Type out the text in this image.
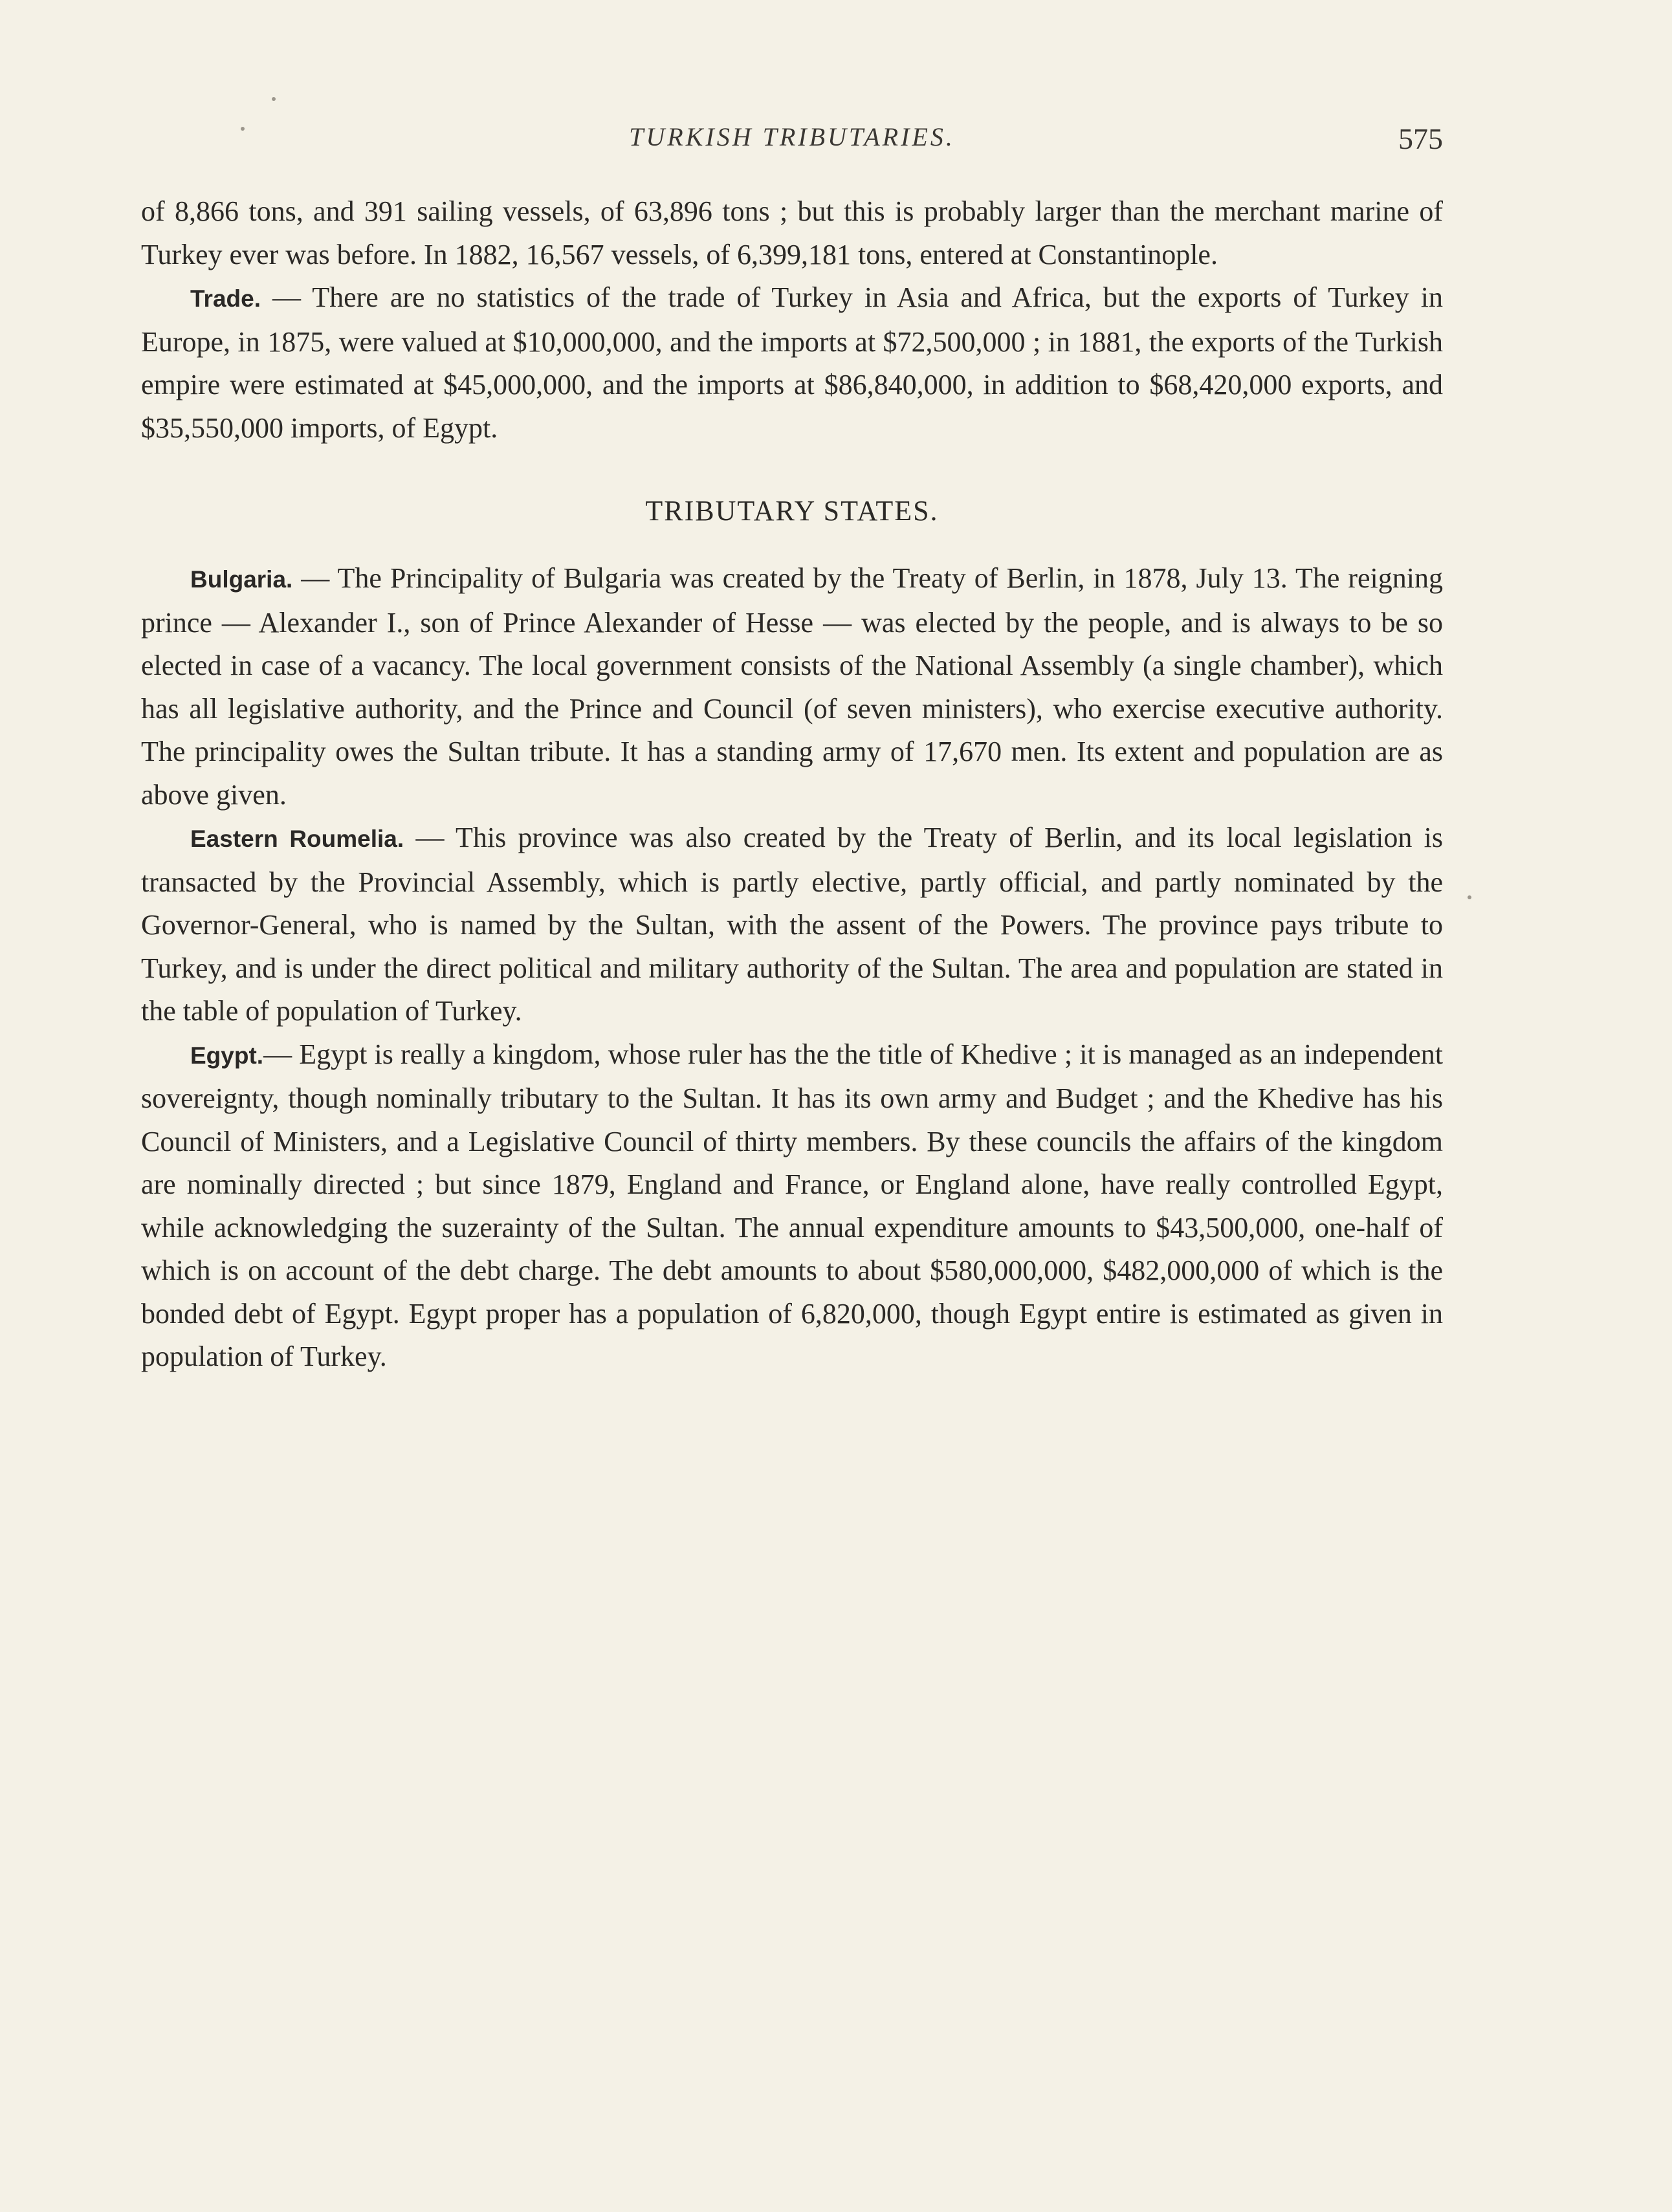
TURKISH TRIBUTARIES.	575

of 8,866 tons, and 391 sailing vessels, of 63,896 tons ; but this is probably larger than the merchant marine of Turkey ever was before. In 1882, 16,567 vessels, of 6,399,181 tons, entered at Constantinople.

Trade. — There are no statistics of the trade of Turkey in Asia and Africa, but the exports of Turkey in Europe, in 1875, were valued at $10,000,000, and the imports at $72,500,000 ; in 1881, the exports of the Turkish empire were estimated at $45,000,000, and the imports at $86,840,000, in addition to $68,420,000 exports, and $35,550,000 imports, of Egypt.

TRIBUTARY STATES.

Bulgaria. — The Principality of Bulgaria was created by the Treaty of Berlin, in 1878, July 13. The reigning prince — Alexander I., son of Prince Alexander of Hesse — was elected by the people, and is always to be so elected in case of a vacancy. The local government consists of the National Assembly (a single chamber), which has all legislative authority, and the Prince and Council (of seven ministers), who exercise executive authority. The principality owes the Sultan tribute. It has a standing army of 17,670 men. Its extent and population are as above given.

Eastern Roumelia. — This province was also created by the Treaty of Berlin, and its local legislation is transacted by the Provincial Assembly, which is partly elective, partly official, and partly nominated by the Governor-General, who is named by the Sultan, with the assent of the Powers. The province pays tribute to Turkey, and is under the direct political and military authority of the Sultan. The area and population are stated in the table of population of Turkey.

Egypt.— Egypt is really a kingdom, whose ruler has the the title of Khedive ; it is managed as an independent sovereignty, though nominally tributary to the Sultan. It has its own army and Budget ; and the Khedive has his Council of Ministers, and a Legislative Council of thirty members. By these councils the affairs of the kingdom are nominally directed ; but since 1879, England and France, or England alone, have really controlled Egypt, while acknowledging the suzerainty of the Sultan. The annual expenditure amounts to $43,500,000, one-half of which is on account of the debt charge. The debt amounts to about $580,000,000, $482,000,000 of which is the bonded debt of Egypt. Egypt proper has a population of 6,820,000, though Egypt entire is estimated as given in population of Turkey.
